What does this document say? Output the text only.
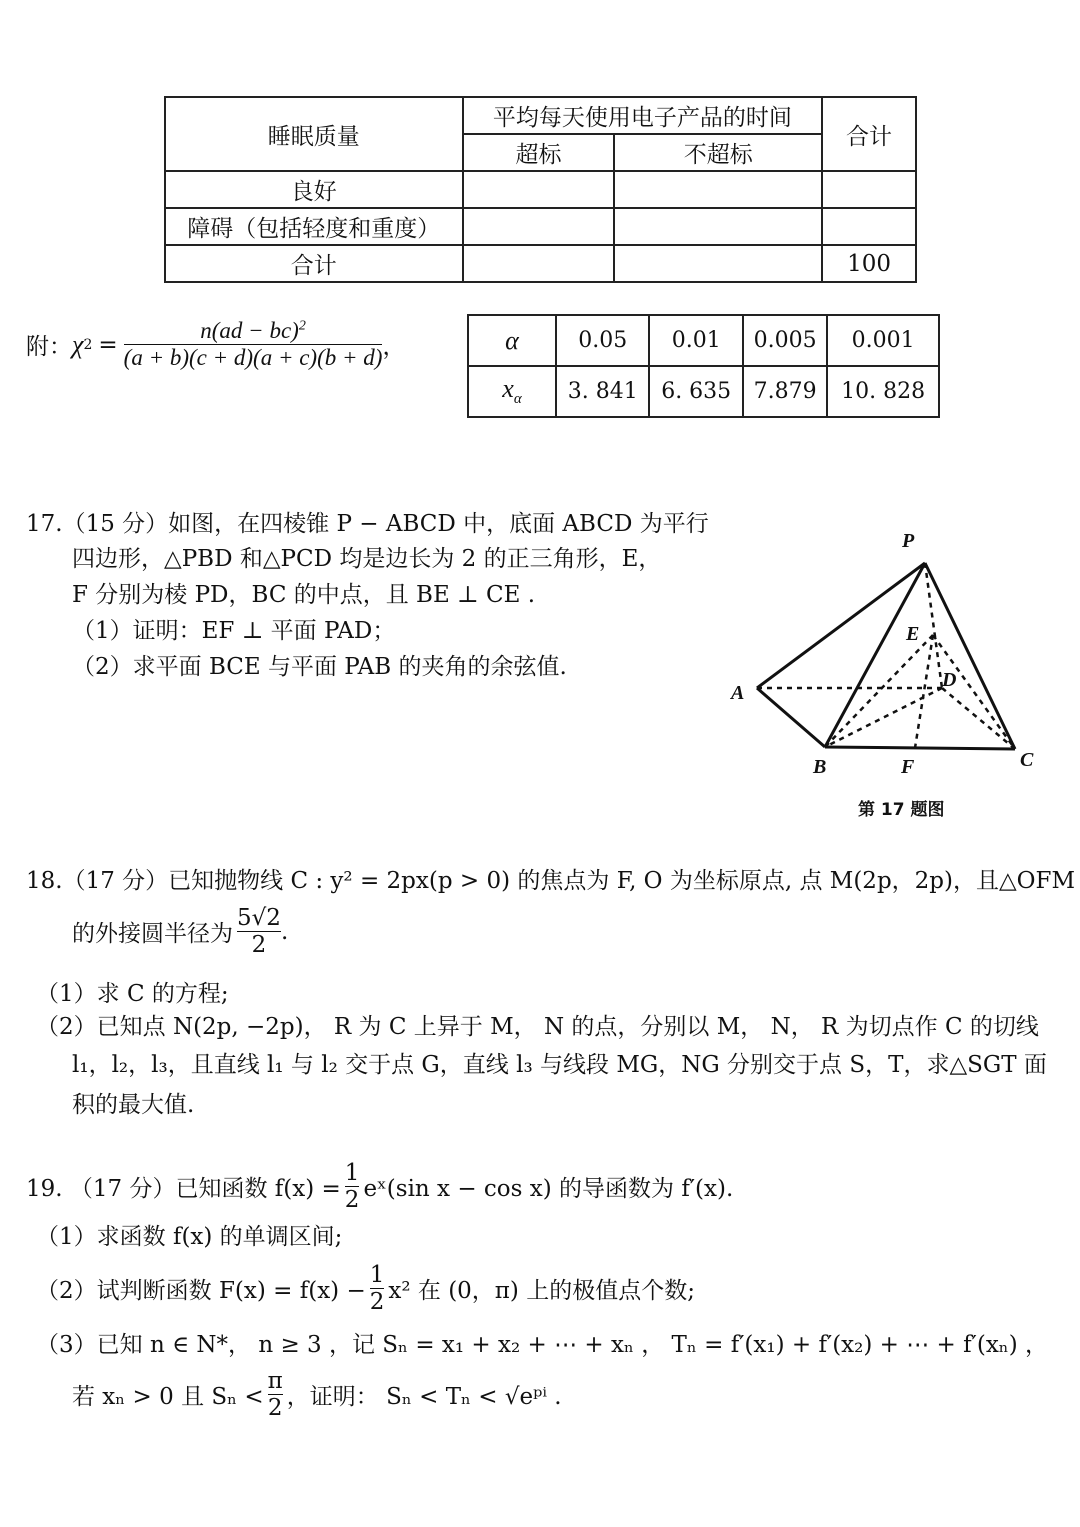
睡眠质量	平均每天使用电子产品的时间		合计
	超标	不超标	
良好			
障碍（包括轻度和重度）			
合计			100
附： χ $2 = \frac{n(ad - bc)^2}{(a + b)(c + d)(a + c)(b + d)}$ ，	α	0.05	0.01	0.005	0.001
$x_\alpha$	3. 841	6. 635	7.879	10. 828
17.（15 分）如图，在四棱锥 P − ABCD 中，底面 ABCD 为平行
四边形，△PBD 和△PCD 均是边长为 2 的正三角形，E，
F 分别为棱 PD，BC 的中点，且 BE ⊥ CE .
（1）证明：EF ⊥ 平面 PAD；
（2）求平面 BCE 与平面 PAB 的夹角的余弦值.
P
E
A
D
B	F	C
第 17 题图
18.（17 分）已知抛物线 C : y² = 2px(p > 0) 的焦点为 F, O 为坐标原点, 点 M(2p，2p)，且△OFM
的外接圆半径为 $\frac{5√2}{2}$ .
（1）求 C 的方程;
（2）已知点 N(2p, −2p)， R 为 C 上异于 M， N 的点，分别以 M， N， R 为切点作 C 的切线
l₁，l₂，l₃，且直线 l₁ 与 l₂ 交于点 G，直线 l₃ 与线段 MG，NG 分别交于点 S，T，求△SGT 面
积的最大值.
19. （17 分）已知函数 $f(x) = \frac{1}{2}$ eˣ(sin x − cos x) 的导函数为 f′(x).
（1）求函数 f(x) 的单调区间;
（2）试判断函数 $F(x) = f(x) - \frac{1}{2} x^2$ 在 (0，π) 上的极值点个数;
（3）已知 n ∈ N*， n ≥ 3 ，记 Sₙ = x₁ + x₂ + ⋯ + xₙ ， Tₙ = f′(x₁) + f′(x₂) + ⋯ + f′(xₙ) ，
若 xₙ > 0 且 $S_n < \frac{\pi}{2}$ ，证明： Sₙ < Tₙ < √eᵖⁱ .
